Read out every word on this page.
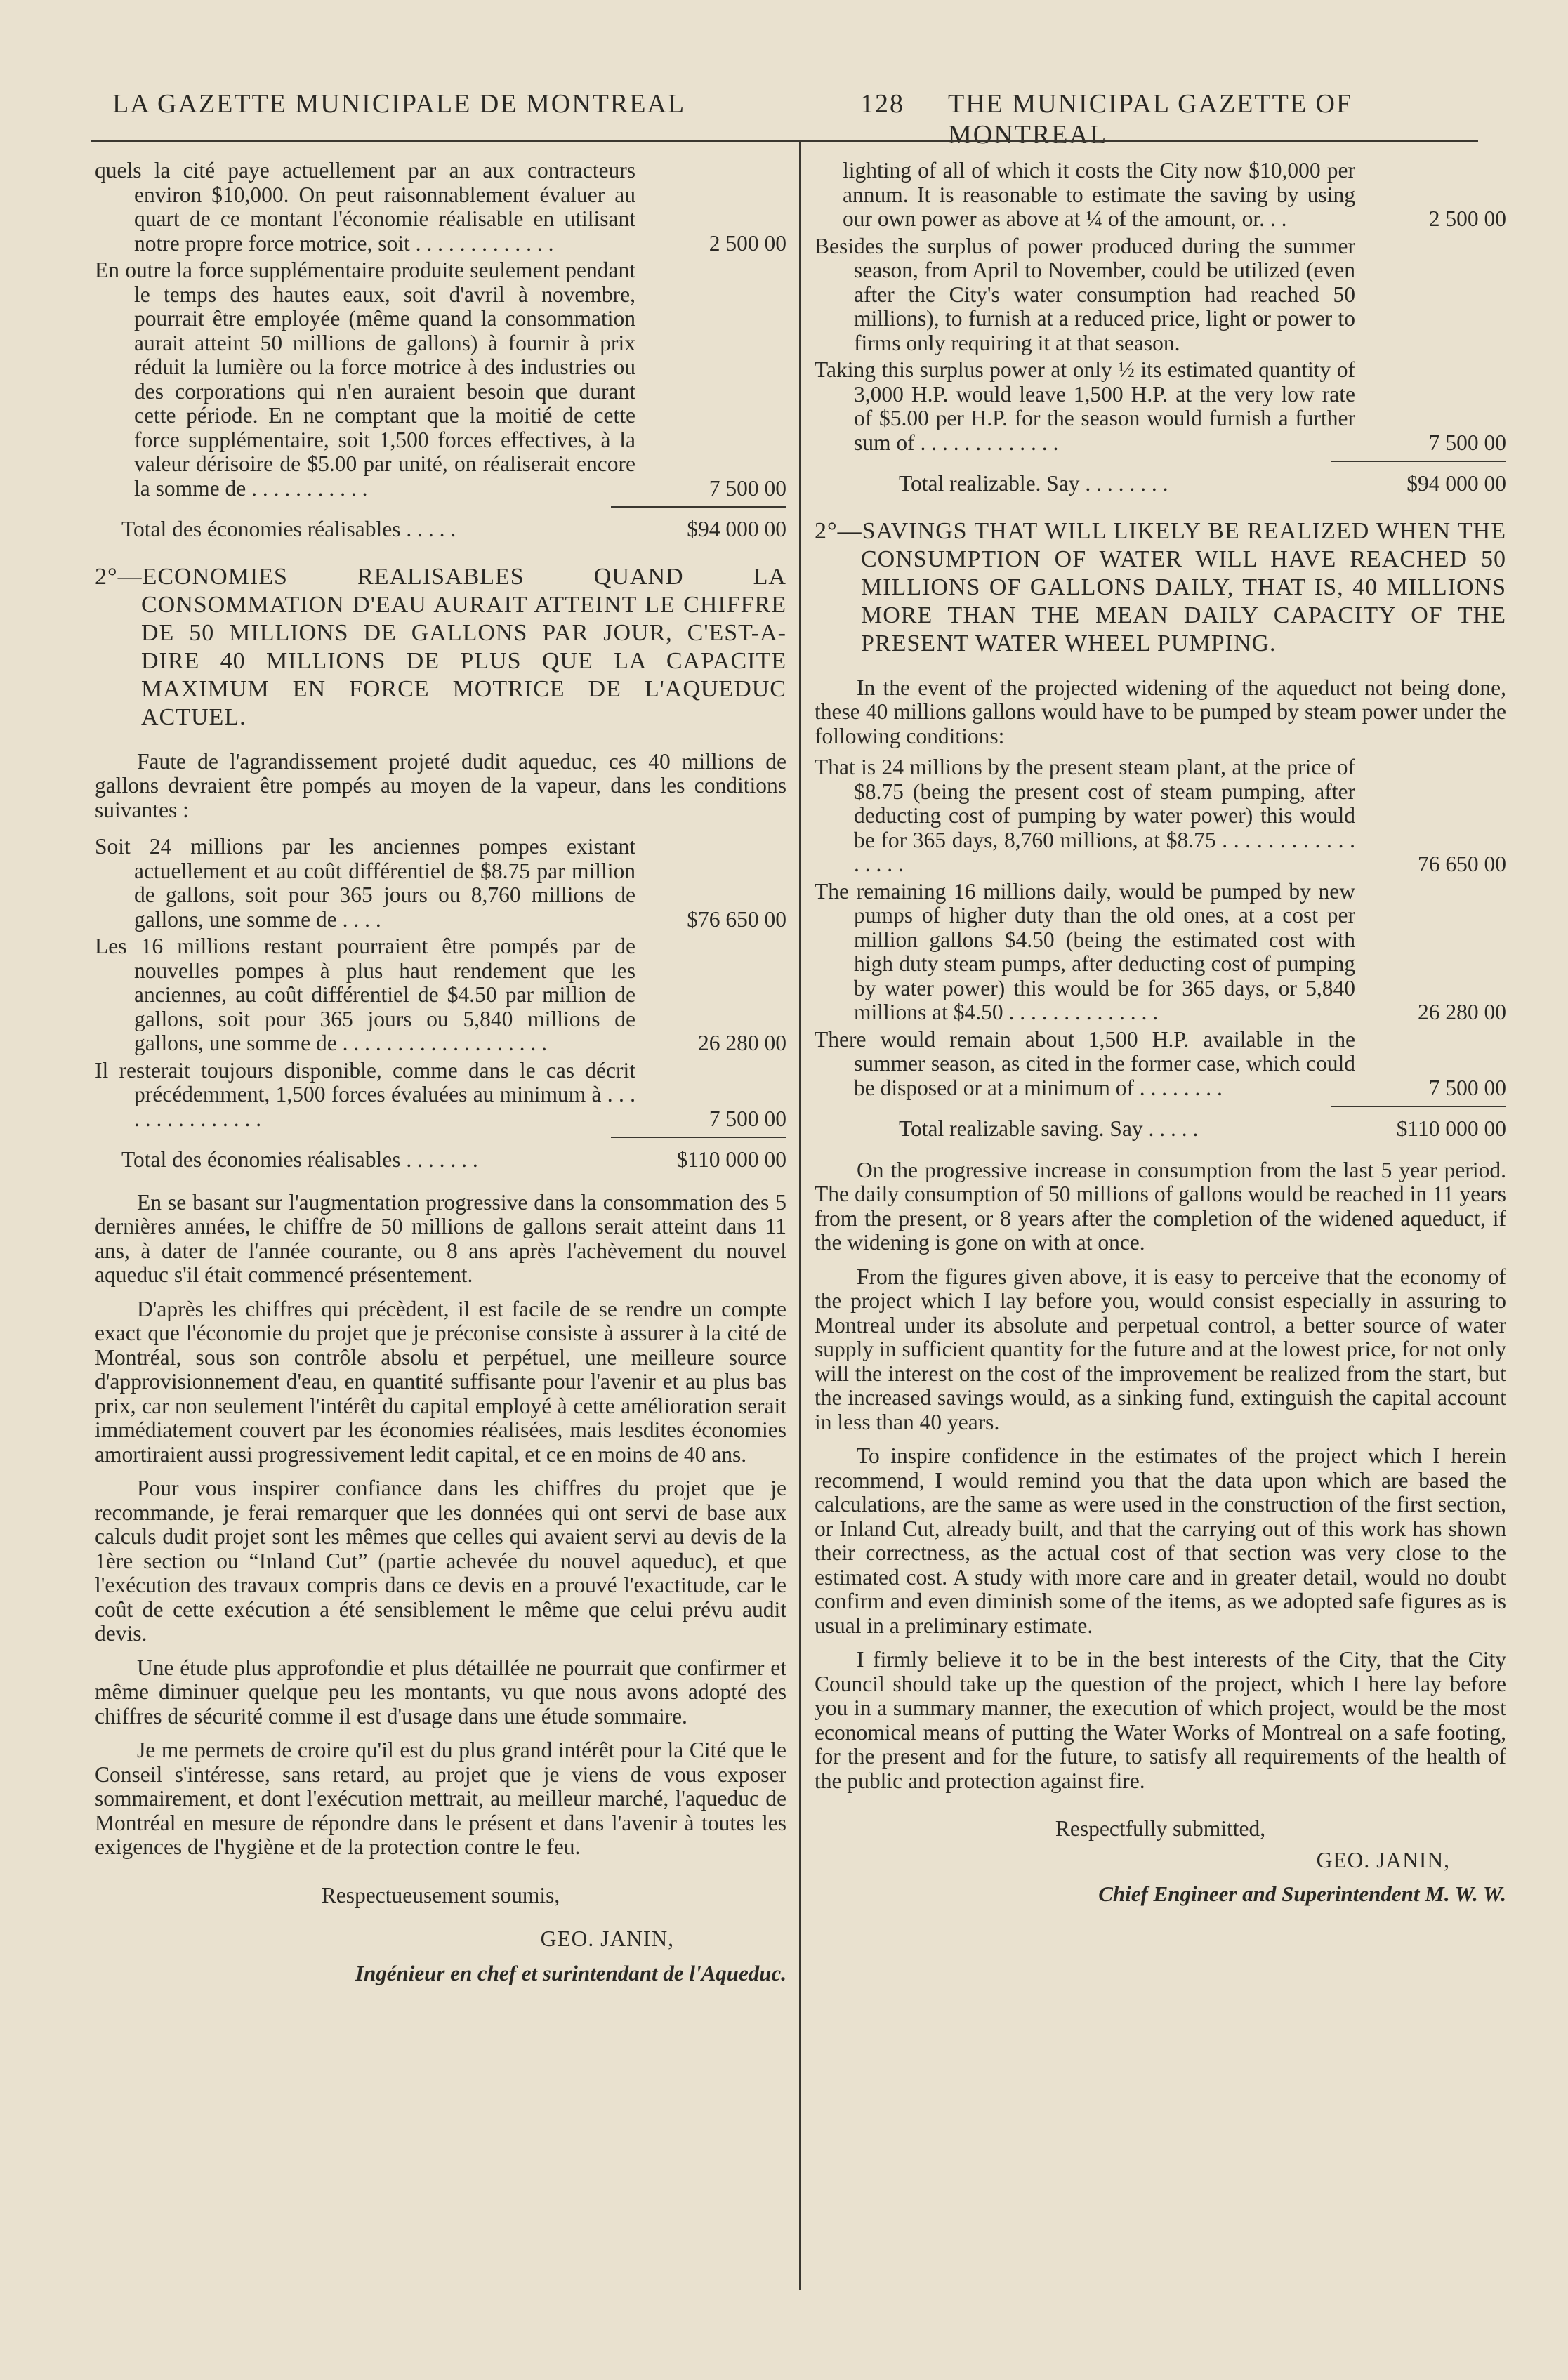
LA GAZETTE MUNICIPALE DE MONTREAL	128 THE MUNICIPAL GAZETTE OF MONTREAL

quels la cité paye actuellement par an aux contracteurs environ $10,000. On peut raisonnablement évaluer au quart de ce montant l'économie réalisable en utilisant notre propre force motrice, soit . . . . . . . . . . . . .	2 500 00

En outre la force supplémentaire produite seulement pendant le temps des hautes eaux, soit d'avril à novembre, pourrait être employée (même quand la consommation aurait atteint 50 millions de gallons) à fournir à prix réduit la lumière ou la force motrice à des industries ou des corporations qui n'en auraient besoin que durant cette période. En ne comptant que la moitié de cette force supplémentaire, soit 1,500 forces effectives, à la valeur dérisoire de $5.00 par unité, on réaliserait encore la somme de . . . . . . . . . . .	7 500 00
Total des économies réalisables . . . . .	$94 000 00

2°—ECONOMIES REALISABLES QUAND LA CONSOMMATION D'EAU AURAIT ATTEINT LE CHIFFRE DE 50 MILLIONS DE GALLONS PAR JOUR, C'EST-A-DIRE 40 MILLIONS DE PLUS QUE LA CAPACITE MAXIMUM EN FORCE MOTRICE DE L'AQUEDUC ACTUEL.

Faute de l'agrandissement projeté dudit aqueduc, ces 40 millions de gallons devraient être pompés au moyen de la vapeur, dans les conditions suivantes :

Soit 24 millions par les anciennes pompes existant actuellement et au coût différentiel de $8.75 par million de gallons, soit pour 365 jours ou 8,760 millions de gallons, une somme de . . . .	$76 650 00

Les 16 millions restant pourraient être pompés par de nouvelles pompes à plus haut rendement que les anciennes, au coût différentiel de $4.50 par million de gallons, soit pour 365 jours ou 5,840 millions de gallons, une somme de . . . . . . . . . . . . . . . . . . .	26 280 00

Il resterait toujours disponible, comme dans le cas décrit précédemment, 1,500 forces évaluées au minimum à . . . . . . . . . . . . . . .	7 500 00
Total des économies réalisables . . . . . . .	$110 000 00

En se basant sur l'augmentation progressive dans la consommation des 5 dernières années, le chiffre de 50 millions de gallons serait atteint dans 11 ans, à dater de l'année courante, ou 8 ans après l'achèvement du nouvel aqueduc s'il était commencé présentement.

D'après les chiffres qui précèdent, il est facile de se rendre un compte exact que l'économie du projet que je préconise consiste à assurer à la cité de Montréal, sous son contrôle absolu et perpétuel, une meilleure source d'approvisionnement d'eau, en quantité suffisante pour l'avenir et au plus bas prix, car non seulement l'intérêt du capital employé à cette amélioration serait immédiatement couvert par les économies réalisées, mais lesdites économies amortiraient aussi progressivement ledit capital, et ce en moins de 40 ans.

Pour vous inspirer confiance dans les chiffres du projet que je recommande, je ferai remarquer que les données qui ont servi de base aux calculs dudit projet sont les mêmes que celles qui avaient servi au devis de la 1ère section ou “Inland Cut” (partie achevée du nouvel aqueduc), et que l'exécution des travaux compris dans ce devis en a prouvé l'exactitude, car le coût de cette exécution a été sensiblement le même que celui prévu audit devis.

Une étude plus approfondie et plus détaillée ne pourrait que confirmer et même diminuer quelque peu les montants, vu que nous avons adopté des chiffres de sécurité comme il est d'usage dans une étude sommaire.

Je me permets de croire qu'il est du plus grand intérêt pour la Cité que le Conseil s'intéresse, sans retard, au projet que je viens de vous exposer sommairement, et dont l'exécution mettrait, au meilleur marché, l'aqueduc de Montréal en mesure de répondre dans le présent et dans l'avenir à toutes les exigences de l'hygiène et de la protection contre le feu.

Respectueusement soumis,

GEO. JANIN,

Ingénieur en chef et surintendant de l'Aqueduc.

lighting of all of which it costs the City now $10,000 per annum. It is reasonable to estimate the saving by using our own power as above at ¼ of the amount, or. . .	2 500 00

Besides the surplus of power produced during the summer season, from April to November, could be utilized (even after the City's water consumption had reached 50 millions), to furnish at a reduced price, light or power to firms only requiring it at that season.

Taking this surplus power at only ½ its estimated quantity of 3,000 H.P. would leave 1,500 H.P. at the very low rate of $5.00 per H.P. for the season would furnish a further sum of . . . . . . . . . . . . .	7 500 00
Total realizable. Say . . . . . . . .	$94 000 00

2°—SAVINGS THAT WILL LIKELY BE REALIZED WHEN THE CONSUMPTION OF WATER WILL HAVE REACHED 50 MILLIONS OF GALLONS DAILY, THAT IS, 40 MILLIONS MORE THAN THE MEAN DAILY CAPACITY OF THE PRESENT WATER WHEEL PUMPING.

In the event of the projected widening of the aqueduct not being done, these 40 millions gallons would have to be pumped by steam power under the following conditions:

That is 24 millions by the present steam plant, at the price of $8.75 (being the present cost of steam pumping, after deducting cost of pumping by water power) this would be for 365 days, 8,760 millions, at $8.75 . . . . . . . . . . . . . . . . .	76 650 00

The remaining 16 millions daily, would be pumped by new pumps of higher duty than the old ones, at a cost per million gallons $4.50 (being the estimated cost with high duty steam pumps, after deducting cost of pumping by water power) this would be for 365 days, or 5,840 millions at $4.50 . . . . . . . . . . . . . .	26 280 00

There would remain about 1,500 H.P. available in the summer season, as cited in the former case, which could be disposed or at a minimum of . . . . . . . .	7 500 00
Total realizable saving. Say . . . . .	$110 000 00

On the progressive increase in consumption from the last 5 year period. The daily consumption of 50 millions of gallons would be reached in 11 years from the present, or 8 years after the completion of the widened aqueduct, if the widening is gone on with at once.

From the figures given above, it is easy to perceive that the economy of the project which I lay before you, would consist especially in assuring to Montreal under its absolute and perpetual control, a better source of water supply in sufficient quantity for the future and at the lowest price, for not only will the interest on the cost of the improvement be realized from the start, but the increased savings would, as a sinking fund, extinguish the capital account in less than 40 years.

To inspire confidence in the estimates of the project which I herein recommend, I would remind you that the data upon which are based the calculations, are the same as were used in the construction of the first section, or Inland Cut, already built, and that the carrying out of this work has shown their correctness, as the actual cost of that section was very close to the estimated cost. A study with more care and in greater detail, would no doubt confirm and even diminish some of the items, as we adopted safe figures as is usual in a preliminary estimate.

I firmly believe it to be in the best interests of the City, that the City Council should take up the question of the project, which I here lay before you in a summary manner, the execution of which project, would be the most economical means of putting the Water Works of Montreal on a safe footing, for the present and for the future, to satisfy all requirements of the health of the public and protection against fire.

Respectfully submitted,

GEO. JANIN,

Chief Engineer and Superintendent M. W. W.
